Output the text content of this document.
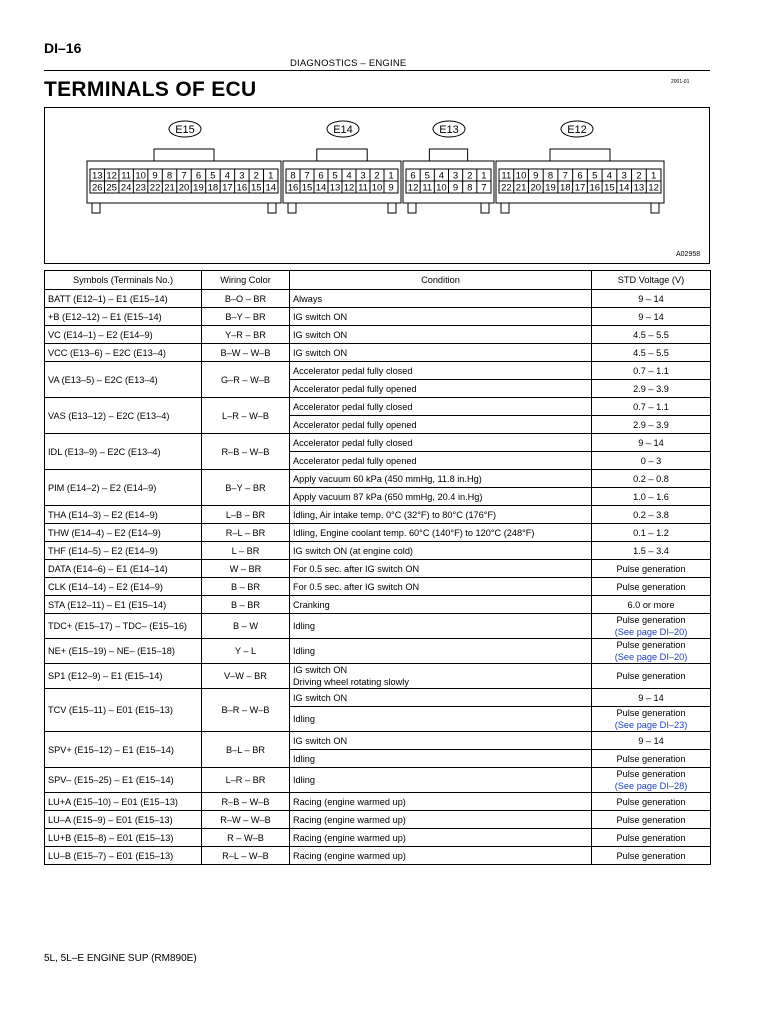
DI–16
DIAGNOSTICS – ENGINE
2001-01
TERMINALS OF ECU
13 12 11 10 9 8 7 6 5 4 3 2 1
26 25 24 23 22 21 20 19 18 17 16 15 14
E15
8 7 6 5 4 3 2 1
16 15 14 13 12 11 10 9
E14
6 5 4 3 2 1
12 11 10 9 8 7
E13
11 10 9 8 7 6 5 4 3 2 1
22 21 20 19 18 17 16 15 14 13 12
E12
A02958
Symbols (Terminals No.)	Wiring Color	Condition	STD Voltage (V)
BATT (E12–1) – E1 (E15–14)	B–O – BR	Always	9 – 14
+B (E12–12) – E1 (E15–14)	B–Y – BR	IG switch ON	9 – 14
VC (E14–1) – E2 (E14–9)	Y–R – BR	IG switch ON	4.5 – 5.5
VCC (E13–6) – E2C (E13–4)	B–W – W–B	IG switch ON	4.5 – 5.5
VA (E13–5) – E2C (E13–4)	G–R – W–B	Accelerator pedal fully closed	0.7 – 1.1
		Accelerator pedal fully opened	2.9 – 3.9
VAS (E13–12) – E2C (E13–4)	L–R – W–B	Accelerator pedal fully closed	0.7 – 1.1
		Accelerator pedal fully opened	2.9 – 3.9
IDL (E13–9) – E2C (E13–4)	R–B – W–B	Accelerator pedal fully closed	9 – 14
		Accelerator pedal fully opened	0 – 3
PIM (E14–2) – E2 (E14–9)	B–Y – BR	Apply vacuum 60 kPa (450 mmHg, 11.8 in.Hg)	0.2 – 0.8
		Apply vacuum 87 kPa (650 mmHg, 20.4 in.Hg)	1.0 – 1.6
THA (E14–3) – E2 (E14–9)	L–B – BR	Idling, Air intake temp. 0°C (32°F) to 80°C (176°F)	0.2 – 3.8
THW (E14–4) – E2 (E14–9)	R–L – BR	Idling, Engine coolant temp. 60°C (140°F) to 120°C (248°F)	0.1 – 1.2
THF (E14–5) – E2 (E14–9)	L – BR	IG switch ON (at engine cold)	1.5 – 3.4
DATA (E14–6) – E1 (E14–14)	W – BR	For 0.5 sec. after IG switch ON	Pulse generation
CLK (E14–14) – E2 (E14–9)	B – BR	For 0.5 sec. after IG switch ON	Pulse generation
STA (E12–11) – E1 (E15–14)	B – BR	Cranking	6.0 or more
TDC+ (E15–17) – TDC– (E15–16)	B – W	Idling	Pulse generation
(See page DI–20)

NE+ (E15–19) – NE– (E15–18)	Y – L	Idling	Pulse generation
(See page DI–20)

SP1 (E12–9) – E1 (E15–14)	V–W – BR	IG switch ON
Driving wheel rotating slowly	Pulse generation
TCV (E15–11) – E01 (E15–13)	B–R – W–B	IG switch ON	9 – 14
		Idling	Pulse generation
(See page DI–23)

SPV+ (E15–12) – E1 (E15–14)	B–L – BR	IG switch ON	9 – 14
		Idling	Pulse generation
SPV– (E15–25) – E1 (E15–14)	L–R – BR	Idling	Pulse generation
(See page DI–28)

LU+A (E15–10) – E01 (E15–13)	R–B – W–B	Racing (engine warmed up)	Pulse generation
LU–A (E15–9) – E01 (E15–13)	R–W – W–B	Racing (engine warmed up)	Pulse generation
LU+B (E15–8) – E01 (E15–13)	R – W–B	Racing (engine warmed up)	Pulse generation
LU–B (E15–7) – E01 (E15–13)	R–L – W–B	Racing (engine warmed up)	Pulse generation
5L, 5L–E ENGINE SUP (RM890E)
